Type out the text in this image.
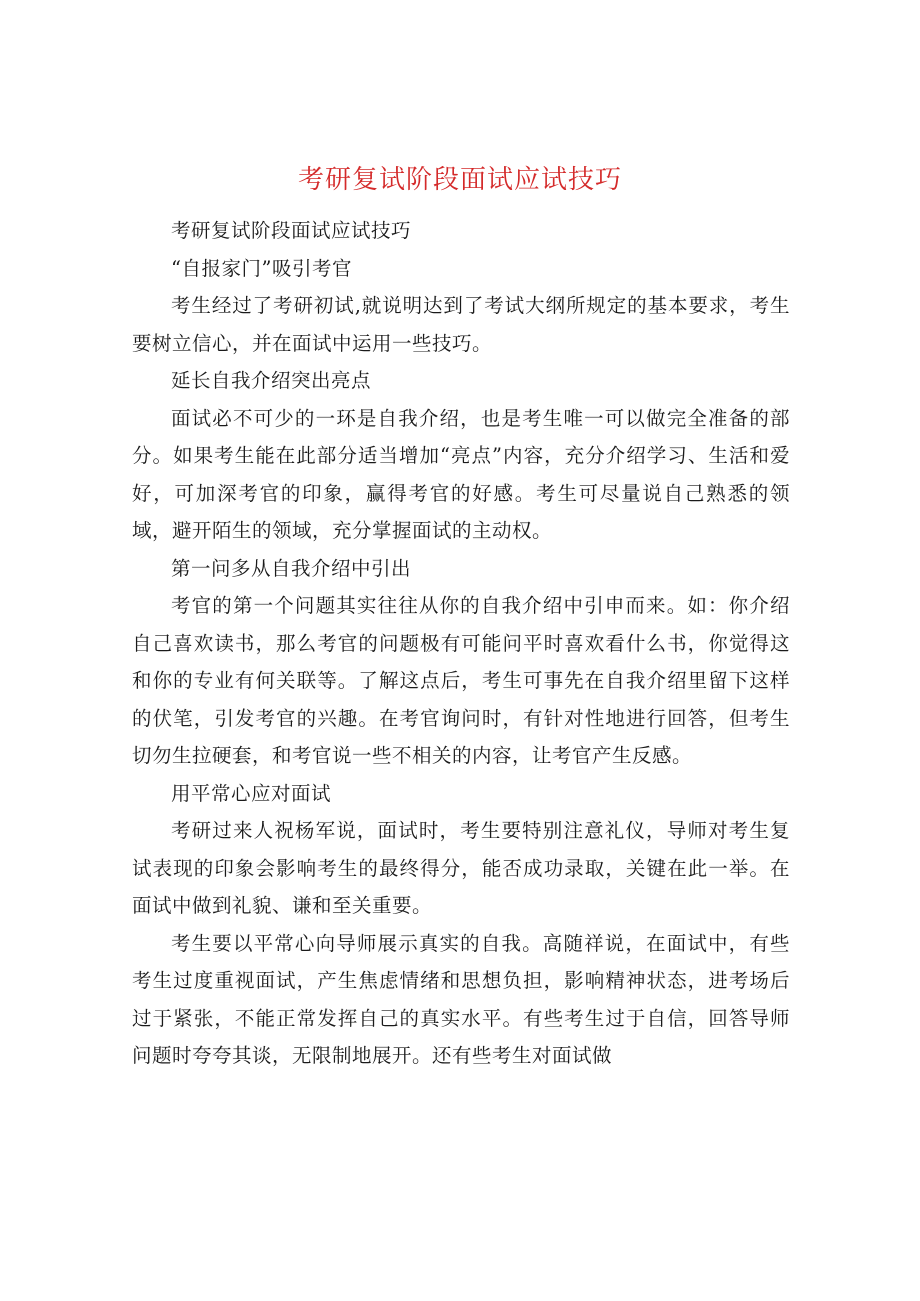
考研复试阶段面试应试技巧

考研复试阶段面试应试技巧

“自报家门”吸引考官

考生经过了考研初试,就说明达到了考试大纲所规定的基本要求，考生要树立信心，并在面试中运用一些技巧。

延长自我介绍突出亮点

面试必不可少的一环是自我介绍，也是考生唯一可以做完全准备的部分。如果考生能在此部分适当增加“亮点”内容，充分介绍学习、生活和爱好，可加深考官的印象，赢得考官的好感。考生可尽量说自己熟悉的领域，避开陌生的领域，充分掌握面试的主动权。

第一问多从自我介绍中引出

考官的第一个问题其实往往从你的自我介绍中引申而来。如：你介绍自己喜欢读书，那么考官的问题极有可能问平时喜欢看什么书，你觉得这和你的专业有何关联等。了解这点后，考生可事先在自我介绍里留下这样的伏笔，引发考官的兴趣。在考官询问时，有针对性地进行回答，但考生切勿生拉硬套，和考官说一些不相关的内容，让考官产生反感。

用平常心应对面试

考研过来人祝杨军说，面试时，考生要特别注意礼仪，导师对考生复试表现的印象会影响考生的最终得分，能否成功录取，关键在此一举。在面试中做到礼貌、谦和至关重要。

考生要以平常心向导师展示真实的自我。高随祥说，在面试中，有些考生过度重视面试，产生焦虑情绪和思想负担，影响精神状态，进考场后过于紧张，不能正常发挥自己的真实水平。有些考生过于自信，回答导师问题时夸夸其谈，无限制地展开。还有些考生对面试做
